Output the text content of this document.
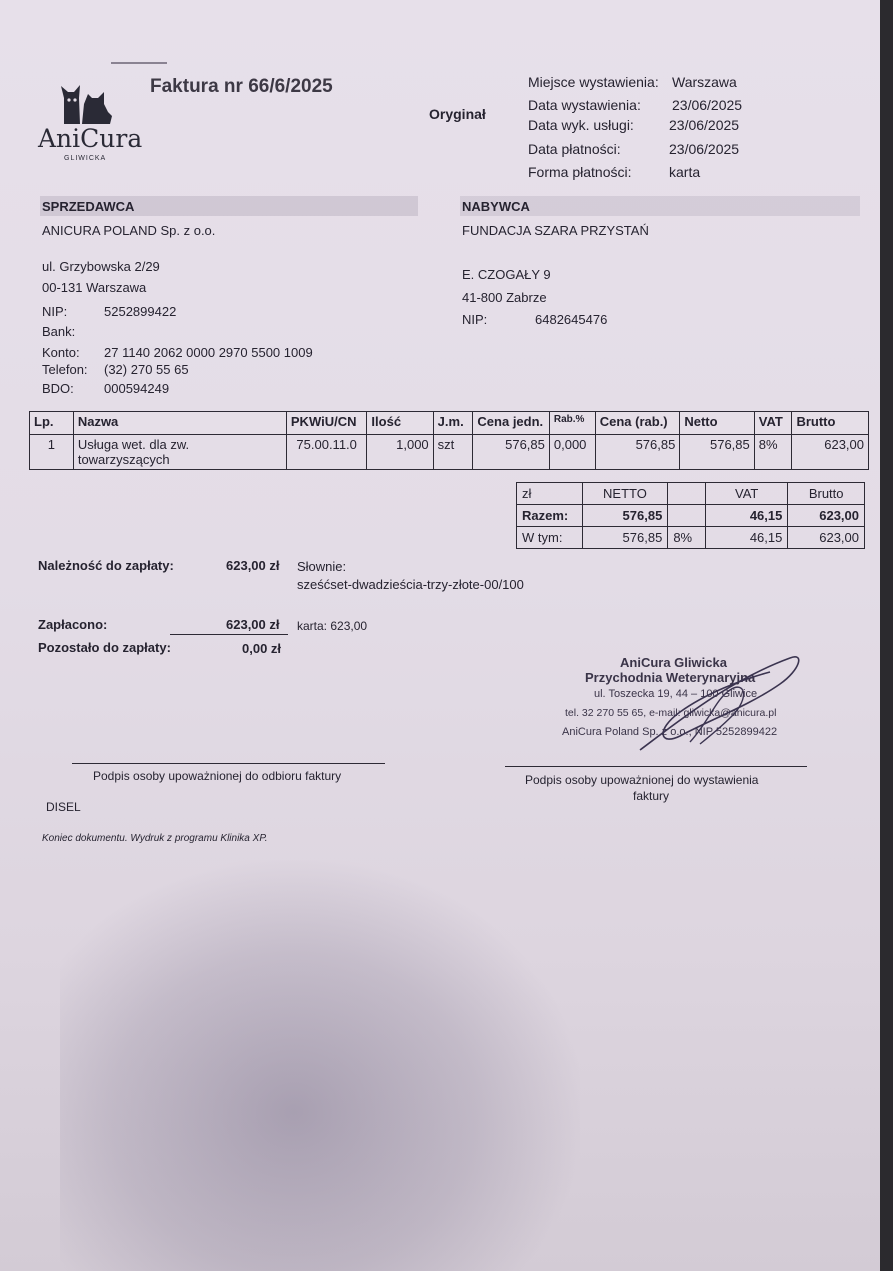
AniCura
GLIWICKA
Faktura nr 66/6/2025
Oryginał
Miejsce wystawienia: Warszawa
Data wystawienia: 23/06/2025
Data wyk. usługi:	23/06/2025
Data płatności:	23/06/2025
Forma płatności:	karta
SPRZEDAWCA
ANICURA POLAND Sp. z o.o.
ul. Grzybowska 2/29
00-131 Warszawa
NIP:	5252899422
Bank:
Konto: 27 1140 2062 0000 2970 5500 1009
Telefon: (32) 270 55 65
BDO: 000594249
NABYWCA
FUNDACJA SZARA PRZYSTAŃ
E. CZOGAŁY 9
41-800 Zabrze
NIP:	6482645476
Lp.	Nazwa	PKWiU/CN	Ilość	J.m.	Cena jedn.	Rab.%	Cena (rab.)	Netto	VAT	Brutto
1	Usługa wet. dla zw.
towarzyszących	75.00.11.0	1,000	szt	576,85	0,000	576,85	576,85	8%	623,00
zł	NETTO		VAT	Brutto
Razem:	576,85		46,15	623,00
W tym:	576,85	8%	46,15	623,00
Należność do zapłaty:	623,00 zł Słownie:
sześćset-dwadzieścia-trzy-złote-00/100
Zapłacono:	623,00 zł karta: 623,00
Pozostało do zapłaty:	0,00 zł
AniCura Gliwicka
Przychodnia Weterynaryjna
ul. Toszecka 19, 44 – 100 Gliwice
tel. 32 270 55 65, e-mail: gliwicka@anicura.pl
AniCura Poland Sp. z o.o., NIP 5252899422
Podpis osoby upoważnionej do odbioru faktury	Podpis osoby upoważnionej do wystawienia
faktury
DISEL
Koniec dokumentu. Wydruk z programu Klinika XP.
